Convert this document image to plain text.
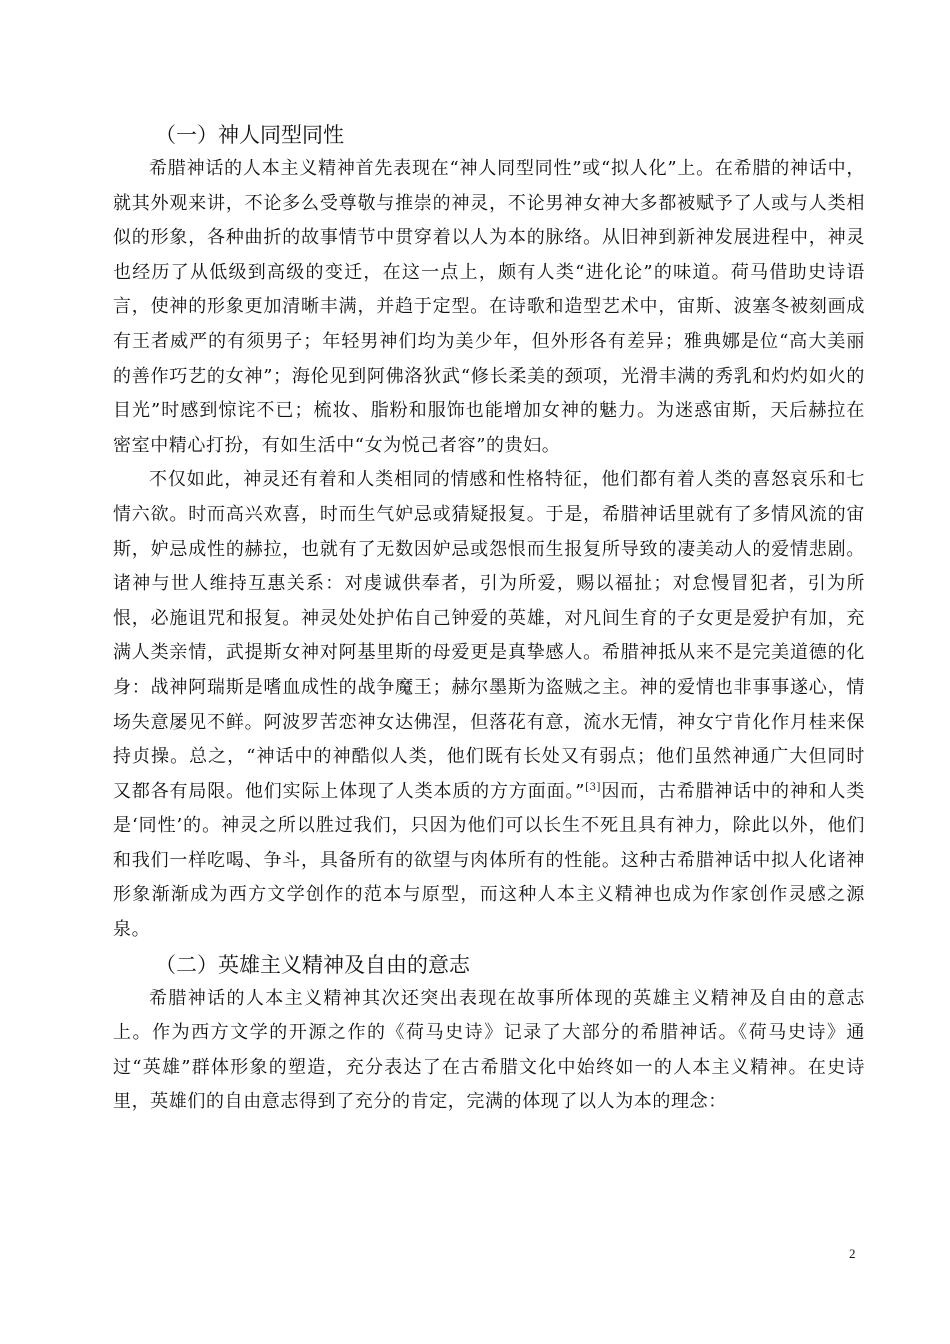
（一）神人同型同性

希腊神话的人本主义精神首先表现在“神人同型同性”或“拟人化”上。在希腊的神话中，就其外观来讲，不论多么受尊敬与推崇的神灵，不论男神女神大多都被赋予了人或与人类相似的形象，各种曲折的故事情节中贯穿着以人为本的脉络。从旧神到新神发展进程中，神灵也经历了从低级到高级的变迁，在这一点上，颇有人类“进化论”的味道。荷马借助史诗语言，使神的形象更加清晰丰满，并趋于定型。在诗歌和造型艺术中，宙斯、波塞冬被刻画成有王者威严的有须男子；年轻男神们均为美少年，但外形各有差异；雅典娜是位“高大美丽的善作巧艺的女神”；海伦见到阿佛洛狄武“修长柔美的颈项，光滑丰满的秀乳和灼灼如火的目光”时感到惊诧不已；梳妆、脂粉和服饰也能增加女神的魅力。为迷惑宙斯，天后赫拉在密室中精心打扮，有如生活中“女为悦己者容”的贵妇。

不仅如此，神灵还有着和人类相同的情感和性格特征，他们都有着人类的喜怒哀乐和七情六欲。时而高兴欢喜，时而生气妒忌或猜疑报复。于是，希腊神话里就有了多情风流的宙斯，妒忌成性的赫拉，也就有了无数因妒忌或怨恨而生报复所导致的凄美动人的爱情悲剧。诸神与世人维持互惠关系：对虔诚供奉者，引为所爱，赐以福扯；对怠慢冒犯者，引为所恨，必施诅咒和报复。神灵处处护佑自己钟爱的英雄，对凡间生育的子女更是爱护有加，充满人类亲情，武提斯女神对阿基里斯的母爱更是真挚感人。希腊神抵从来不是完美道德的化身：战神阿瑞斯是嗜血成性的战争魔王；赫尔墨斯为盗贼之主。神的爱情也非事事遂心，情场失意屡见不鲜。阿波罗苦恋神女达佛涅，但落花有意，流水无情，神女宁肯化作月桂来保持贞操。总之，“神话中的神酷似人类，他们既有长处又有弱点；他们虽然神通广大但同时又都各有局限。他们实际上体现了人类本质的方方面面。”[3]因而，古希腊神话中的神和人类是‘同性’的。神灵之所以胜过我们，只因为他们可以长生不死且具有神力，除此以外，他们和我们一样吃喝、争斗，具备所有的欲望与肉体所有的性能。这种古希腊神话中拟人化诸神形象渐渐成为西方文学创作的范本与原型，而这种人本主义精神也成为作家创作灵感之源泉。

（二）英雄主义精神及自由的意志

希腊神话的人本主义精神其次还突出表现在故事所体现的英雄主义精神及自由的意志上。作为西方文学的开源之作的《荷马史诗》记录了大部分的希腊神话。《荷马史诗》通过“英雄”群体形象的塑造，充分表达了在古希腊文化中始终如一的人本主义精神。在史诗里，英雄们的自由意志得到了充分的肯定，完满的体现了以人为本的理念：

2
